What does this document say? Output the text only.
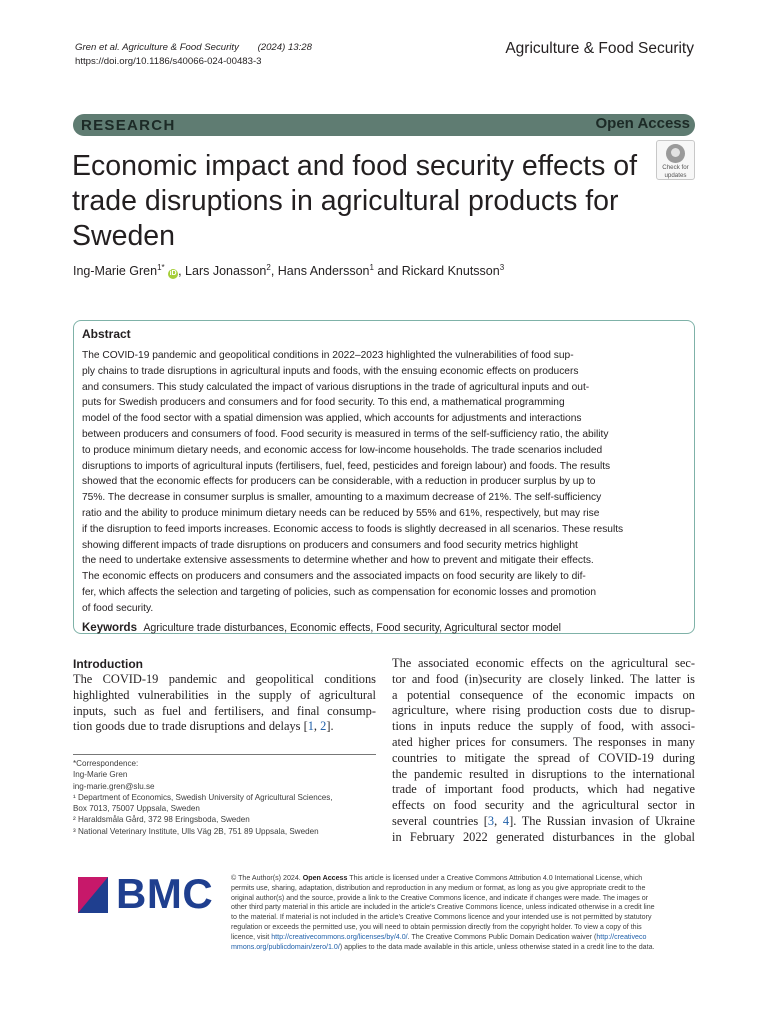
Gren et al. Agriculture & Food Security (2024) 13:28
https://doi.org/10.1186/s40066-024-00483-3
Agriculture & Food Security
RESEARCH	Open Access
Economic impact and food security effects of trade disruptions in agricultural products for Sweden
Check for
updates
Ing-Marie Gren$^{1*}$ iD , Lars Jonasson$^2$, Hans Andersson$^1$ and Rickard Knutsson$^3$
Abstract
The COVID-19 pandemic and geopolitical conditions in 2022–2023 highlighted the vulnerabilities of food sup-
ply chains to trade disruptions in agricultural inputs and foods, with the ensuing economic effects on producers
and consumers. This study calculated the impact of various disruptions in the trade of agricultural inputs and out-
puts for Swedish producers and consumers and for food security. To this end, a mathematical programming
model of the food sector with a spatial dimension was applied, which accounts for adjustments and interactions
between producers and consumers of food. Food security is measured in terms of the self-sufficiency ratio, the ability
to produce minimum dietary needs, and economic access for low-income households. The trade scenarios included
disruptions to imports of agricultural inputs (fertilisers, fuel, feed, pesticides and foreign labour) and foods. The results
showed that the economic effects for producers can be considerable, with a reduction in producer surplus by up to
75%. The decrease in consumer surplus is smaller, amounting to a maximum decrease of 21%. The self-sufficiency
ratio and the ability to produce minimum dietary needs can be reduced by 55% and 61%, respectively, but may rise
if the disruption to feed imports increases. Economic access to foods is slightly decreased in all scenarios. These results
showing different impacts of trade disruptions on producers and consumers and food security metrics highlight
the need to undertake extensive assessments to determine whether and how to prevent and mitigate their effects.
The economic effects on producers and consumers and the associated impacts on food security are likely to dif-
fer, which affects the selection and targeting of policies, such as compensation for economic losses and promotion
of food security.
Keywords Agriculture trade disturbances, Economic effects, Food security, Agricultural sector model
Introduction
The COVID-19 pandemic and geopolitical conditions
highlighted vulnerabilities in the supply of agricultural
inputs, such as fuel and fertilisers, and final consump-
tion goods due to trade disruptions and delays [1, 2].
*Correspondence:
Ing-Marie Gren
ing-marie.gren@slu.se
¹ Department of Economics, Swedish University of Agricultural Sciences,
Box 7013, 75007 Uppsala, Sweden
² Haraldsmåla Gård, 372 98 Eringsboda, Sweden
³ National Veterinary Institute, Ulls Väg 2B, 751 89 Uppsala, Sweden
The associated economic effects on the agricultural sec-
tor and food (in)security are closely linked. The latter is
a potential consequence of the economic impacts on
agriculture, where rising production costs due to disrup-
tions in inputs reduce the supply of food, with associ-
ated higher prices for consumers. The responses in many
countries to mitigate the spread of COVID-19 during
the pandemic resulted in disruptions to the international
trade of important food products, which had negative
effects on food security and the agricultural sector in
several countries [3, 4]. The Russian invasion of Ukraine
in February 2022 generated disturbances in the global
BMC	© The Author(s) 2024. Open Access This article is licensed under a Creative Commons Attribution 4.0 International License, which
permits use, sharing, adaptation, distribution and reproduction in any medium or format, as long as you give appropriate credit to the
original author(s) and the source, provide a link to the Creative Commons licence, and indicate if changes were made. The images or
other third party material in this article are included in the article's Creative Commons licence, unless indicated otherwise in a credit line
to the material. If material is not included in the article's Creative Commons licence and your intended use is not permitted by statutory
regulation or exceeds the permitted use, you will need to obtain permission directly from the copyright holder. To view a copy of this
licence, visit http://creativecommons.org/licenses/by/4.0/. The Creative Commons Public Domain Dedication waiver (http://creativeco
mmons.org/publicdomain/zero/1.0/) applies to the data made available in this article, unless otherwise stated in a credit line to the data.
